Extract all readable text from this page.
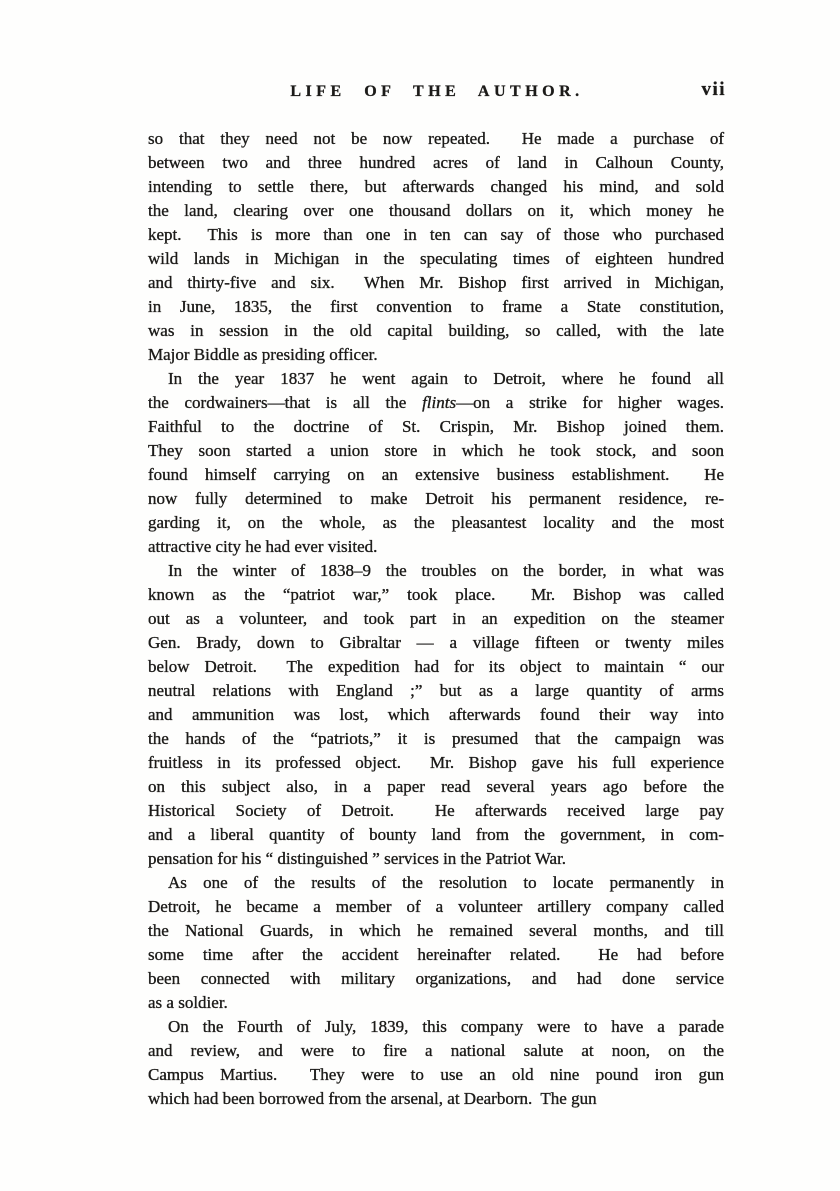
LIFE OF THE AUTHOR.	vii
so that they need not be now repeated.  He made a purchase of
between two and three hundred acres of land in Calhoun County,
intending to settle there, but afterwards changed his mind, and sold
the land, clearing over one thousand dollars on it, which money he
kept.  This is more than one in ten can say of those who purchased
wild lands in Michigan in the speculating times of eighteen hundred
and thirty-five and six.  When Mr. Bishop first arrived in Michigan,
in June, 1835, the first convention to frame a State constitution,
was in session in the old capital building, so called, with the late
Major Biddle as presiding officer.
In the year 1837 he went again to Detroit, where he found all
the cordwainers—that is all the flints—on a strike for higher wages.
Faithful to the doctrine of St. Crispin, Mr. Bishop joined them.
They soon started a union store in which he took stock, and soon
found himself carrying on an extensive business establishment.  He
now fully determined to make Detroit his permanent residence, re-
garding it, on the whole, as the pleasantest locality and the most
attractive city he had ever visited.
In the winter of 1838–9 the troubles on the border, in what was
known as the “patriot war,” took place.  Mr. Bishop was called
out as a volunteer, and took part in an expedition on the steamer
Gen. Brady, down to Gibraltar — a village fifteen or twenty miles
below Detroit.  The expedition had for its object to maintain “ our
neutral relations with England ;” but as a large quantity of arms
and ammunition was lost, which afterwards found their way into
the hands of the “patriots,” it is presumed that the campaign was
fruitless in its professed object.  Mr. Bishop gave his full experience
on this subject also, in a paper read several years ago before the
Historical Society of Detroit.  He afterwards received large pay
and a liberal quantity of bounty land from the government, in com-
pensation for his “ distinguished ” services in the Patriot War.
As one of the results of the resolution to locate permanently in
Detroit, he became a member of a volunteer artillery company called
the National Guards, in which he remained several months, and till
some time after the accident hereinafter related.  He had before
been connected with military organizations, and had done service
as a soldier.
On the Fourth of July, 1839, this company were to have a parade
and review, and were to fire a national salute at noon, on the
Campus Martius.  They were to use an old nine pound iron gun
which had been borrowed from the arsenal, at Dearborn.  The gun
